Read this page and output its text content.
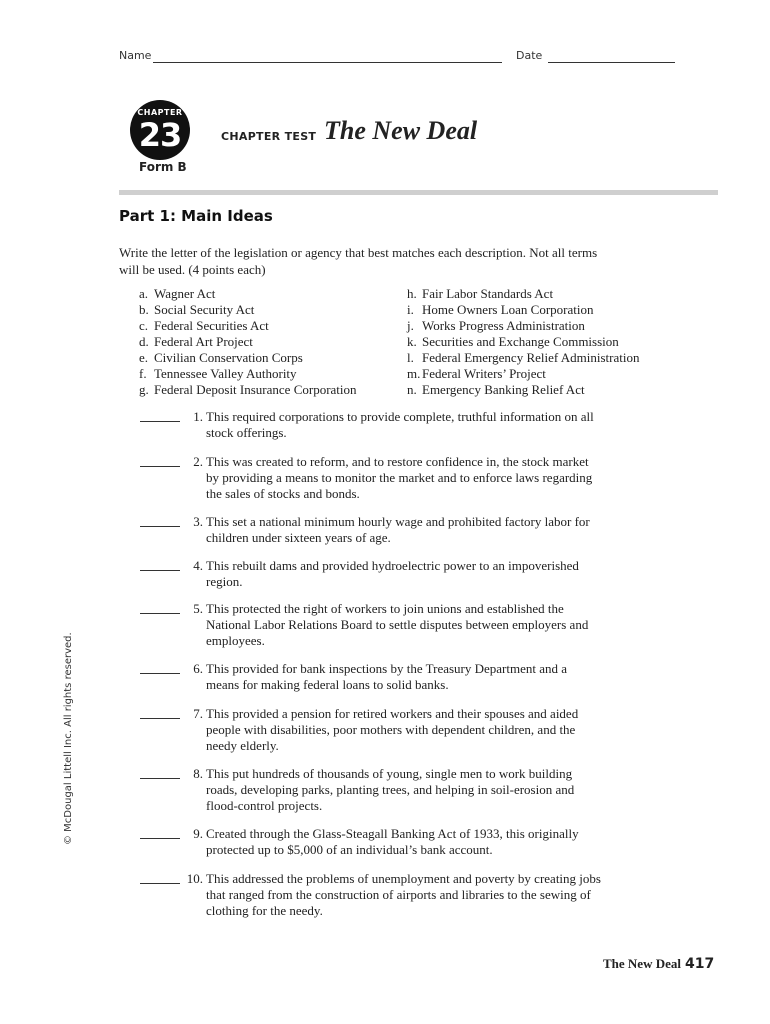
Name	Date
CHAPTER
23
Form B
CHAPTER TEST The New Deal
Part 1: Main Ideas
Write the letter of the legislation or agency that best matches each description. Not all terms will be used. (4 points each)
a. Wagner Act
b. Social Security Act
c. Federal Securities Act
d. Federal Art Project
e. Civilian Conservation Corps
f. Tennessee Valley Authority
g. Federal Deposit Insurance Corporation
h. Fair Labor Standards Act
i. Home Owners Loan Corporation
j. Works Progress Administration
k. Securities and Exchange Commission
l. Federal Emergency Relief Administration
m. Federal Writers’ Project
n. Emergency Banking Relief Act
1. This required corporations to provide complete, truthful information on all stock offerings.
2. This was created to reform, and to restore confidence in, the stock market by providing a means to monitor the market and to enforce laws regarding the sales of stocks and bonds.
3. This set a national minimum hourly wage and prohibited factory labor for children under sixteen years of age.
4. This rebuilt dams and provided hydroelectric power to an impoverished region.
5. This protected the right of workers to join unions and established the National Labor Relations Board to settle disputes between employers and employees.
6. This provided for bank inspections by the Treasury Department and a means for making federal loans to solid banks.
7. This provided a pension for retired workers and their spouses and aided people with disabilities, poor mothers with dependent children, and the needy elderly.
8. This put hundreds of thousands of young, single men to work building roads, developing parks, planting trees, and helping in soil-erosion and flood-control projects.
9. Created through the Glass-Steagall Banking Act of 1933, this originally protected up to $5,000 of an individual’s bank account.
10. This addressed the problems of unemployment and poverty by creating jobs that ranged from the construction of airports and libraries to the sewing of clothing for the needy.
© McDougal Littell Inc. All rights reserved.
The New Deal 417
